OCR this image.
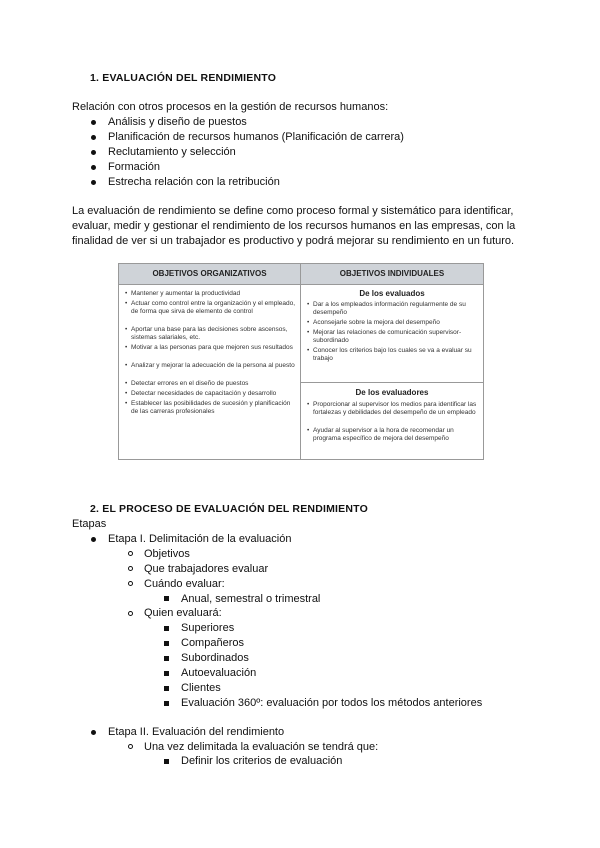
1. EVALUACIÓN DEL RENDIMIENTO
Relación con otros procesos en la gestión de recursos humanos:
Análisis y diseño de puestos
Planificación de recursos humanos (Planificación de carrera)
Reclutamiento y selección
Formación
Estrecha relación con la retribución
La evaluación de rendimiento se define como proceso formal y sistemático para identificar, evaluar, medir y gestionar el rendimiento de los recursos humanos en las empresas, con la finalidad de ver si un trabajador es productivo y podrá mejorar su rendimiento en un futuro.
OBJETIVOS ORGANIZATIVOS	OBJETIVOS INDIVIDUALES
• Mantener y aumentar la productividad
• Actuar como control entre la organización y el empleado, de forma que sirva de elemento de control
• Aportar una base para las decisiones sobre ascensos, sistemas salariales, etc.
• Motivar a las personas para que mejoren sus resultados
• Analizar y mejorar la adecuación de la persona al puesto
• Detectar errores en el diseño de puestos
• Detectar necesidades de capacitación y desarrollo
• Establecer las posibilidades de sucesión y planificación de las carreras profesionales
De los evaluados
• Dar a los empleados información regularmente de su desempeño
• Aconsejarle sobre la mejora del desempeño
• Mejorar las relaciones de comunicación supervisor-subordinado
• Conocer los criterios bajo los cuales se va a evaluar su trabajo
De los evaluadores
• Proporcionar al supervisor los medios para identificar las fortalezas y debilidades del desempeño de un empleado
• Ayudar al supervisor a la hora de recomendar un programa específico de mejora del desempeño
2. EL PROCESO DE EVALUACIÓN DEL RENDIMIENTO
Etapas
Etapa I. Delimitación de la evaluación
Objetivos
Que trabajadores evaluar
Cuándo evaluar:
Anual, semestral o trimestral
Quien evaluará:
Superiores
Compañeros
Subordinados
Autoevaluación
Clientes
Evaluación 360º: evaluación por todos los métodos anteriores
Etapa II. Evaluación del rendimiento
Una vez delimitada la evaluación se tendrá que:
Definir los criterios de evaluación
